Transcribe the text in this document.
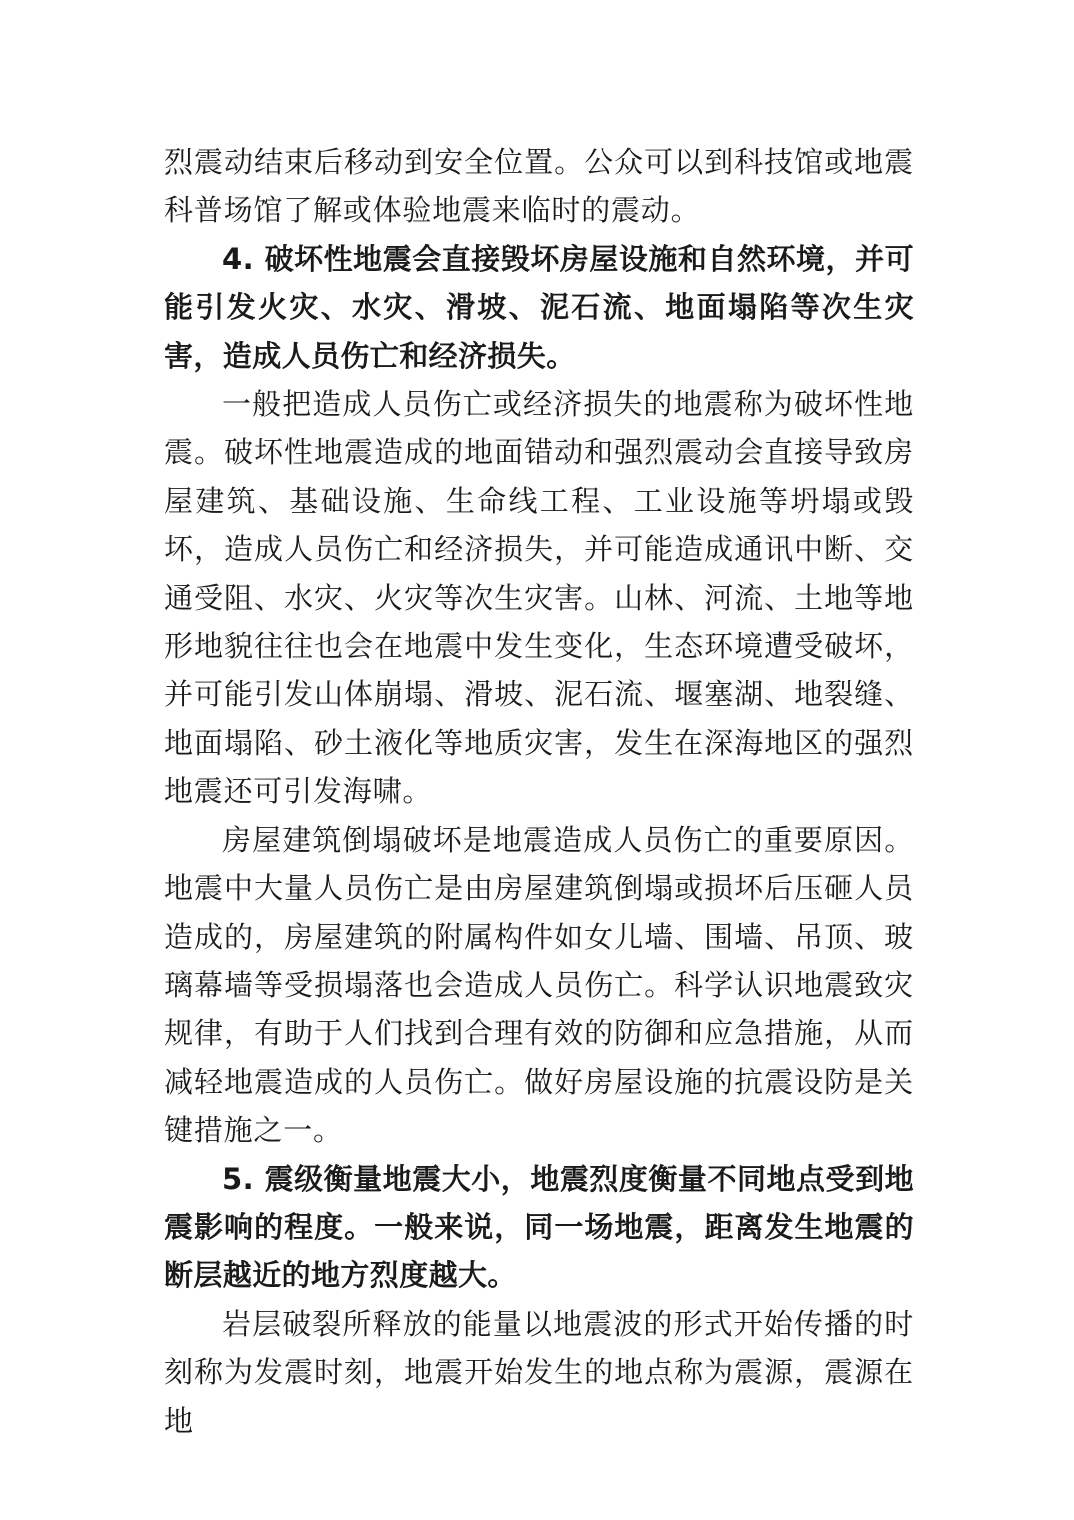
烈震动结束后移动到安全位置。公众可以到科技馆或地震科普场馆了解或体验地震来临时的震动。

4. 破坏性地震会直接毁坏房屋设施和自然环境，并可能引发火灾、水灾、滑坡、泥石流、地面塌陷等次生灾害，造成人员伤亡和经济损失。

一般把造成人员伤亡或经济损失的地震称为破坏性地震。破坏性地震造成的地面错动和强烈震动会直接导致房屋建筑、基础设施、生命线工程、工业设施等坍塌或毁坏，造成人员伤亡和经济损失，并可能造成通讯中断、交通受阻、水灾、火灾等次生灾害。山林、河流、土地等地形地貌往往也会在地震中发生变化，生态环境遭受破坏，并可能引发山体崩塌、滑坡、泥石流、堰塞湖、地裂缝、地面塌陷、砂土液化等地质灾害，发生在深海地区的强烈地震还可引发海啸。

房屋建筑倒塌破坏是地震造成人员伤亡的重要原因。地震中大量人员伤亡是由房屋建筑倒塌或损坏后压砸人员造成的，房屋建筑的附属构件如女儿墙、围墙、吊顶、玻璃幕墙等受损塌落也会造成人员伤亡。科学认识地震致灾规律，有助于人们找到合理有效的防御和应急措施，从而减轻地震造成的人员伤亡。做好房屋设施的抗震设防是关键措施之一。

5. 震级衡量地震大小，地震烈度衡量不同地点受到地震影响的程度。一般来说，同一场地震，距离发生地震的断层越近的地方烈度越大。

岩层破裂所释放的能量以地震波的形式开始传播的时刻称为发震时刻，地震开始发生的地点称为震源，震源在地
